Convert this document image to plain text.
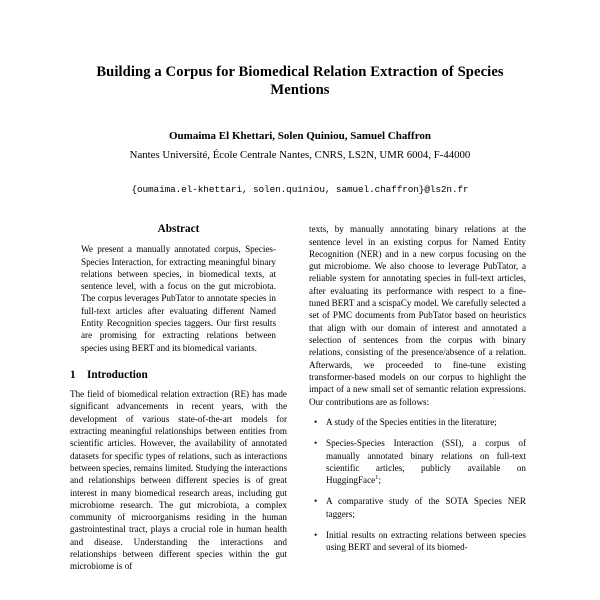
Building a Corpus for Biomedical Relation Extraction of Species Mentions
Oumaima El Khettari, Solen Quiniou, Samuel Chaffron
Nantes Université, École Centrale Nantes, CNRS, LS2N, UMR 6004, F-44000
{oumaima.el-khettari, solen.quiniou, samuel.chaffron}@ls2n.fr
Abstract

We present a manually annotated corpus, Species-Species Interaction, for extracting meaningful binary relations between species, in biomedical texts, at sentence level, with a focus on the gut microbiota. The corpus leverages PubTator to annotate species in full-text articles after evaluating different Named Entity Recognition species taggers. Our first results are promising for extracting relations between species using BERT and its biomedical variants.

1	Introduction

The field of biomedical relation extraction (RE) has made significant advancements in recent years, with the development of various state-of-the-art models for extracting meaningful relationships between entities from scientific articles. However, the availability of annotated datasets for specific types of relations, such as interactions between species, remains limited. Studying the interactions and relationships between different species is of great interest in many biomedical research areas, including gut microbiome research. The gut microbiota, a complex community of microorganisms residing in the human gastrointestinal tract, plays a crucial role in human health and disease. Understanding the interactions and relationships between different species within the gut microbiome is of

texts, by manually annotating binary relations at the sentence level in an existing corpus for Named Entity Recognition (NER) and in a new corpus focusing on the gut microbiome. We also choose to leverage PubTator, a reliable system for annotating species in full-text articles, after evaluating its performance with respect to a fine-tuned BERT and a scispaCy model. We carefully selected a set of PMC documents from PubTator based on heuristics that align with our domain of interest and annotated a selection of sentences from the corpus with binary relations, consisting of the presence/absence of a relation. Afterwards, we proceeded to fine-tune existing transformer-based models on our corpus to highlight the impact of a new small set of semantic relation expressions. Our contributions are as follows:

• A study of the Species entities in the literature;
• Species-Species Interaction (SSI), a corpus of manually annotated binary relations on full-text scientific articles, publicly available on HuggingFace$^1$;
• A comparative study of the SOTA Species NER taggers;
• Initial results on extracting relations between species using BERT and several of its biomed-
